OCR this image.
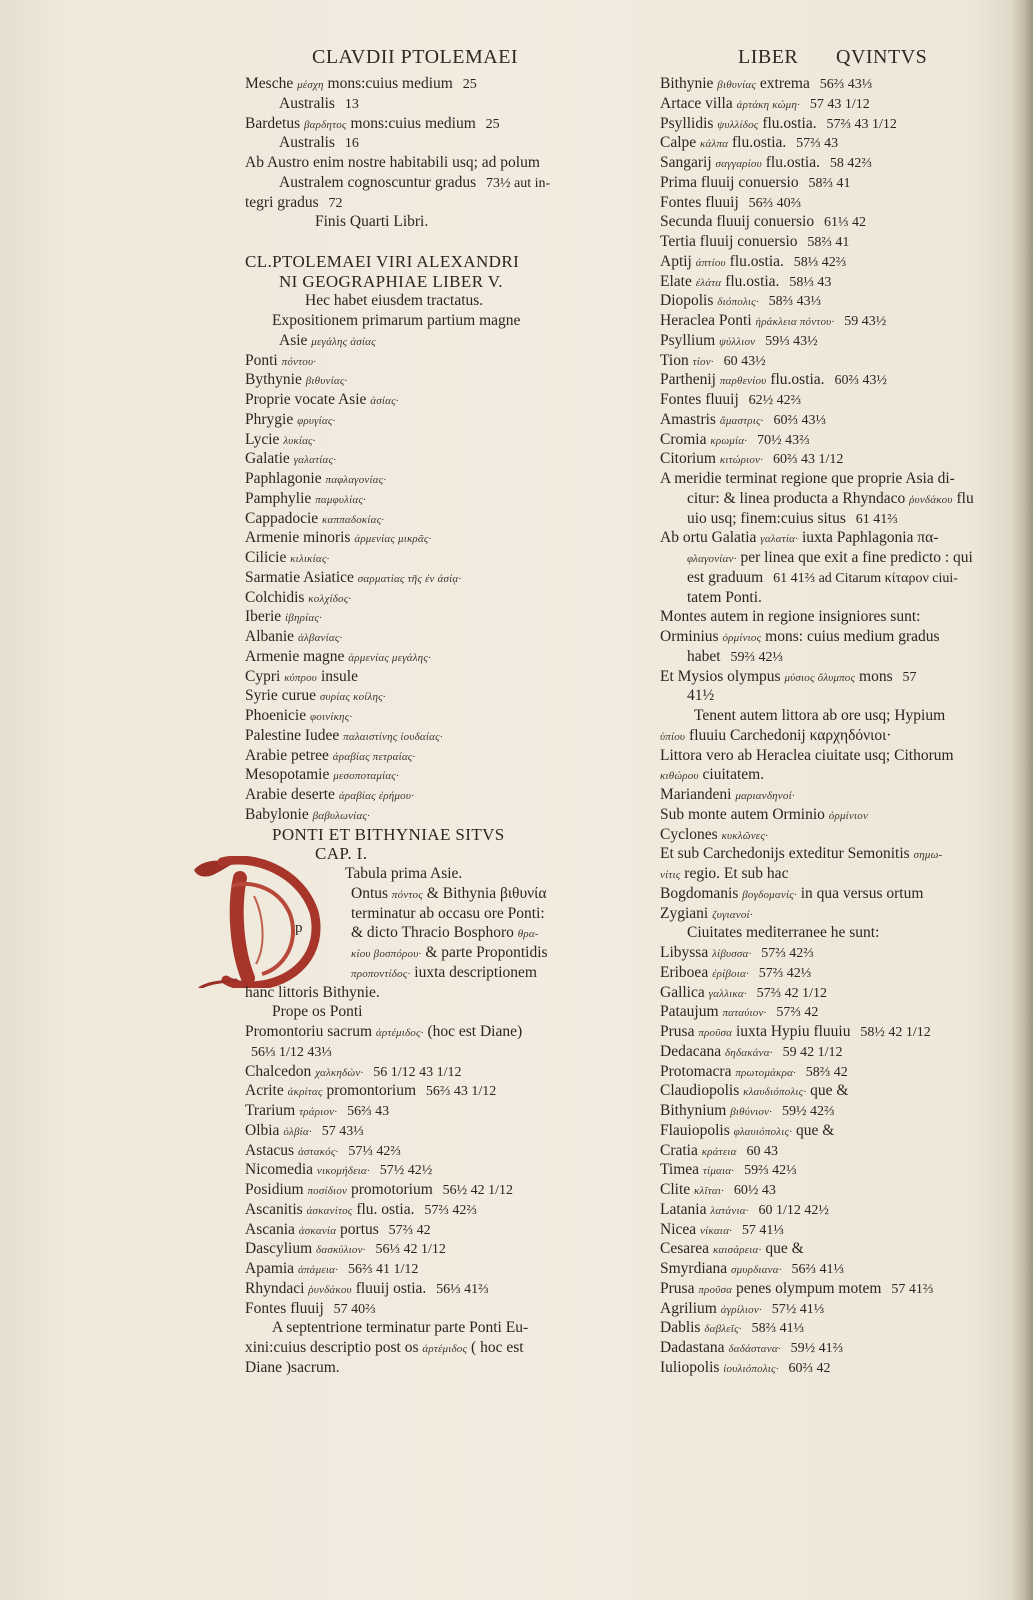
CLAVDII PTOLEMAEI	LIBER QVINTVS
p
Mesche μέσχη mons:cuius medium 25
Australis 13
Bardetus βαρδητος mons:cuius medium 25
Australis 16
Ab Austro enim nostre habitabili usq; ad polum
Australem cognoscuntur gradus 73½ aut in-
tegri gradus 72
Finis Quarti Libri.
CL.PTOLEMAEI VIRI ALEXANDRI
NI GEOGRAPHIAE LIBER V.
Hec habet eiusdem tractatus.
Expositionem primarum partium magne
Asie μεγάλης ἀσίας
Ponti πόντου·
Bythynie βιθυνίας·
Proprie vocate Asie ἀσίας·
Phrygie φρυγίας·
Lycie λυκίας·
Galatie γαλατίας·
Paphlagonie παφλαγονίας·
Pamphylie παμφυλίας·
Cappadocie καππαδοκίας·
Armenie minoris ἀρμενίας μικρᾶς·
Cilicie κιλικίας·
Sarmatie Asiatice σαρματίας τῆς ἐν ἀσίᾳ·
Colchidis κολχίδος·
Iberie ἰβηρίας·
Albanie ἀλβανίας·
Armenie magne ἀρμενίας μεγάλης·
Cypri κύπρου insule
Syrie curue συρίας κοίλης·
Phoenicie φοινίκης·
Palestine Iudee παλαιστίνης ἰουδαίας·
Arabie petree ἀραβίας πετραίας·
Mesopotamie μεσοποταμίας·
Arabie deserte ἀραβίας ἐρήμου·
Babylonie βαβυλωνίας·
PONTI ET BITHYNIAE SITVS
CAP. I.
Tabula prima Asie.
Ontus πόντος & Bithynia βιθυνία
terminatur ab occasu ore Ponti:
& dicto Thracio Bosphoro θρα-
κίου βοσπόρου· & parte Propontidis
προποντίδος· iuxta descriptionem
hanc littoris Bithynie.
Prope os Ponti
Promontoriu sacrum ἀρτέμιδος· (hoc est Diane)
56⅓ 1/12 43⅓
Chalcedon χαλκηδὼν· 56 1/12 43 1/12
Acrite ἀκρίτας promontorium 56⅔ 43 1/12
Trarium τράριον· 56⅔ 43
Olbia ὀλβία· 57 43⅓
Astacus ἀστακός· 57⅓ 42⅔
Nicomedia νικομήδεια· 57½ 42½
Posidium ποσίδιον promotorium 56½ 42 1/12
Ascanitis ἀσκανίτος flu. ostia. 57⅔ 42⅔
Ascania ἀσκανία portus 57⅔ 42
Dascylium δασκύλιον· 56⅓ 42 1/12
Apamia ἀπάμεια· 56⅔ 41 1/12
Rhyndaci ῥυνδάκου fluuij ostia. 56⅓ 41⅔
Fontes fluuij 57 40⅔
A septentrione terminatur parte Ponti Eu-
xini:cuius descriptio post os ἀρτέμιδος ( hoc est
Diane )sacrum.
Bithynie βιθυνίας extrema 56⅔ 43⅓
Artace villa ἀρτάκη κώμη· 57 43 1/12
Psyllidis ψυλλίδος flu.ostia. 57⅔ 43 1/12
Calpe κάλπα flu.ostia. 57⅔ 43
Sangarij σαγγαρίου flu.ostia. 58 42⅔
Prima fluuij conuersio 58⅔ 41
Fontes fluuij 56⅔ 40⅔
Secunda fluuij conuersio 61⅓ 42
Tertia fluuij conuersio 58⅔ 41
Aptij ἀπτίου flu.ostia. 58⅓ 42⅔
Elate ἐλάτα flu.ostia. 58⅓ 43
Diopolis διόπολις· 58⅔ 43⅓
Heraclea Ponti ἡράκλεια πόντου· 59 43½
Psyllium ψύλλιον 59⅓ 43½
Tion τίον· 60 43½
Parthenij παρθενίου flu.ostia. 60⅔ 43½
Fontes fluuij 62½ 42⅔
Amastris ἄμαστρις· 60⅔ 43⅓
Cromia κρωμία· 70½ 43⅔
Citorium κιτώριον· 60⅔ 43 1/12
A meridie terminat regione que proprie Asia di-
citur: & linea producta a Rhyndaco ῥυνδάκου flu
uio usq; finem:cuius situs 61 41⅔
Ab ortu Galatia γαλατία· iuxta Paphlagonia πα-
φλαγονίαν· per linea que exit a fine predicto : qui
est graduum 61 41⅔ ad Citarum κίταρον ciui-
tatem Ponti.
Montes autem in regione insigniores sunt:
Orminius ὀρμίνιος mons: cuius medium gradus
habet 59⅔ 42⅓
Et Mysios olympus μύσιος ὄλυμπος mons 57
41½
Tenent autem littora ab ore usq; Hypium
ὑπίου fluuiu Carchedonij καρχηδόνιοι·
Littora vero ab Heraclea ciuitate usq; Cithorum
κιθώρου ciuitatem.
Mariandeni μαριανδηνοί·
Sub monte autem Orminio ὀρμίνιον
Cyclones κυκλῶνες·
Et sub Carchedonijs exteditur Semonitis σημω-
νίτις regio. Et sub hac
Bogdomanis βογδομανίς· in qua versus ortum
Zygiani ζυγιανοί·
Ciuitates mediterranee he sunt:
Libyssa λίβυσσα· 57⅔ 42⅔
Eriboea ἐρίβοια· 57⅔ 42⅓
Gallica γαλλικα· 57⅔ 42 1/12
Pataujum παταύιον· 57⅔ 42
Prusa προῦσα iuxta Hypiu fluuiu 58½ 42 1/12
Dedacana δηδακάνα· 59 42 1/12
Protomacra πρωτομάκρα· 58⅔ 42
Claudiopolis κλαυδιόπολις· que &
Bithynium βιθύνιον· 59½ 42⅔
Flauiopolis φλαυιόπολις· que &
Cratia κράτεια 60 43
Timea τίμαια· 59⅔ 42⅓
Clite κλῖται· 60½ 43
Latania λατάνια· 60 1/12 42½
Nicea νίκαια· 57 41⅓
Cesarea καισάρεια· que &
Smyrdiana σμυρδιανα· 56⅔ 41⅓
Prusa προῦσα penes olympum motem 57 41⅔
Agrilium ἀγρίλιον· 57½ 41⅓
Dablis δαβλεῖς· 58⅔ 41⅓
Dadastana δαδάστανα· 59½ 41⅔
Iuliopolis ἰουλιόπολις· 60⅔ 42
